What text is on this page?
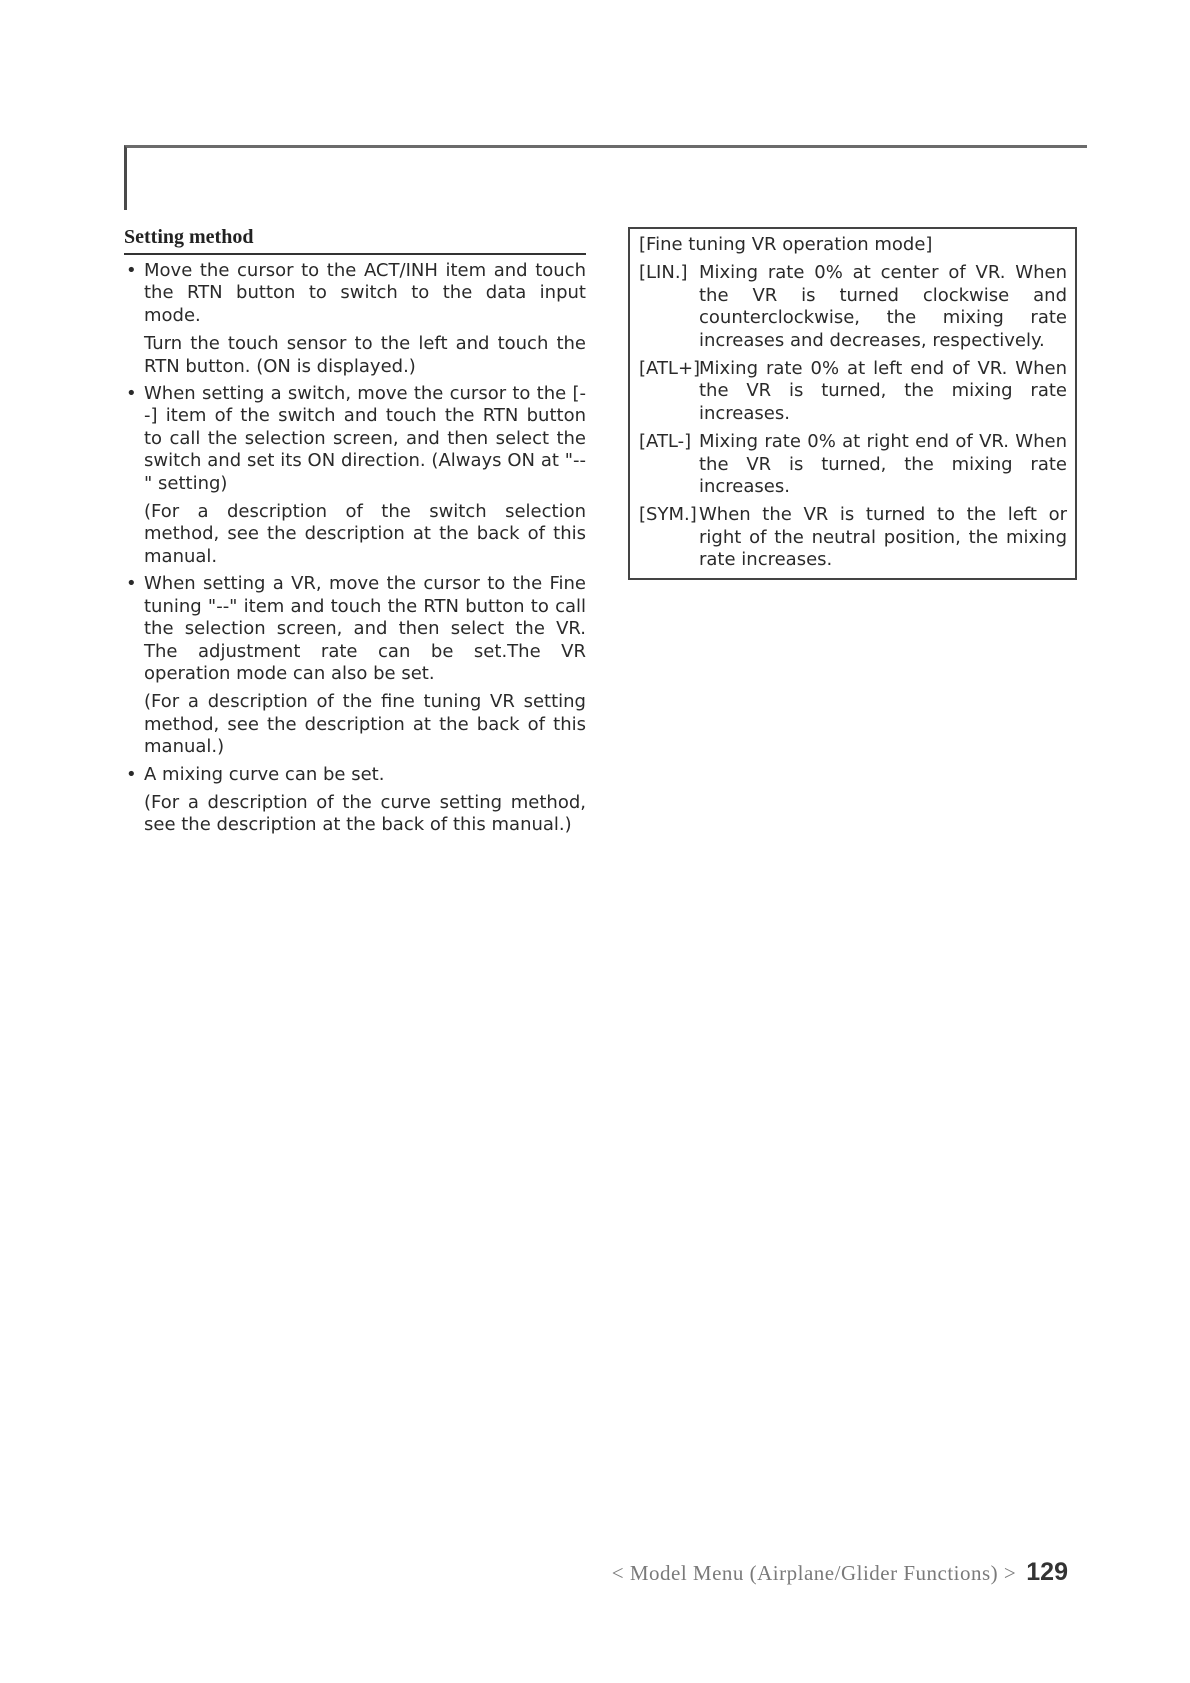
Setting method
• Move the cursor to the ACT/INH item and touch the RTN button to switch to the data input mode.
Turn the touch sensor to the left and touch the RTN button. (ON is displayed.)
• When setting a switch, move the cursor to the [--] item of the switch and touch the RTN button to call the selection screen, and then select the switch and set its ON direction. (Always ON at "--" setting)
(For a description of the switch selection method, see the description at the back of this manual.
• When setting a VR, move the cursor to the Fine tuning "--" item and touch the RTN button to call the selection screen, and then select the VR. The adjustment rate can be set.The VR operation mode can also be set.
(For a description of the fine tuning VR setting method, see the description at the back of this manual.)
• A mixing curve can be set.
(For a description of the curve setting method, see the description at the back of this manual.)
[Fine tuning VR operation mode]
[LIN.] Mixing rate 0% at center of VR. When the VR is turned clockwise and counterclockwise, the mixing rate increases and decreases, respectively.
[ATL+]
Mixing rate 0% at left end of VR. When the VR is turned, the mixing rate increases.
[ATL-] Mixing rate 0% at right end of VR. When the VR is turned, the mixing rate increases.
[SYM.] When the VR is turned to the left or right of the neutral position, the mixing rate increases.
< Model Menu (Airplane/Glider Functions) > 129
